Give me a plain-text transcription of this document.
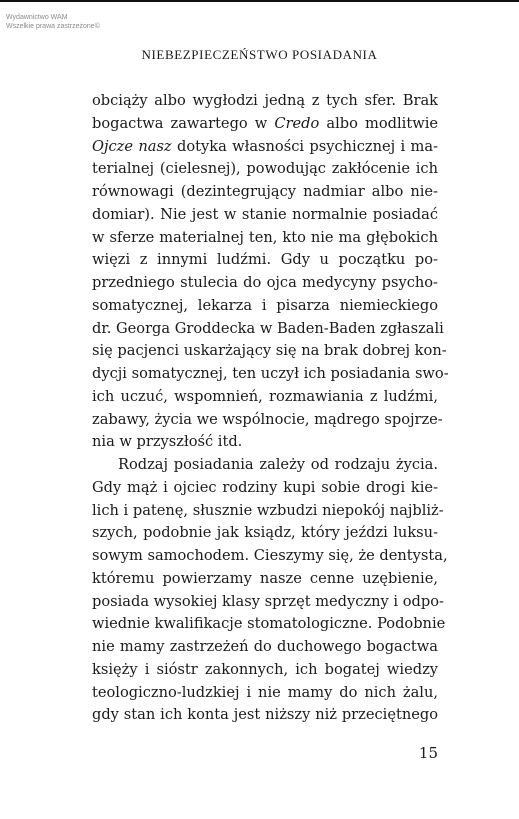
Wydawnictwo WAM
Wszelkie prawa zastrzeżone©
NIEBEZPIECZEŃSTWO POSIADANIA
obciąży albo wygłodzi jedną z tych sfer. Brak
bogactwa zawartego w Credo albo modlitwie
Ojcze nasz dotyka własności psychicznej i ma-
terialnej (cielesnej), powodując zakłócenie ich
równowagi (dezintegrujący nadmiar albo nie-
domiar). Nie jest w stanie normalnie posiadać
w sferze materialnej ten, kto nie ma głębokich
więzi z innymi ludźmi. Gdy u początku po-
przedniego stulecia do ojca medycyny psycho-
somatycznej, lekarza i pisarza niemieckiego
dr. Georga Groddecka w Baden-Baden zgłaszali
się pacjenci uskarżający się na brak dobrej kon-
dycji somatycznej, ten uczył ich posiadania swo-
ich uczuć, wspomnień, rozmawiania z ludźmi,
zabawy, życia we wspólnocie, mądrego spojrze-
nia w przyszłość itd.
Rodzaj posiadania zależy od rodzaju życia.
Gdy mąż i ojciec rodziny kupi sobie drogi kie-
lich i patenę, słusznie wzbudzi niepokój najbliż-
szych, podobnie jak ksiądz, który jeździ luksu-
sowym samochodem. Cieszymy się, że dentysta,
któremu powierzamy nasze cenne uzębienie,
posiada wysokiej klasy sprzęt medyczny i odpo-
wiednie kwalifikacje stomatologiczne. Podobnie
nie mamy zastrzeżeń do duchowego bogactwa
księży i sióstr zakonnych, ich bogatej wiedzy
teologiczno-ludzkiej i nie mamy do nich żalu,
gdy stan ich konta jest niższy niż przeciętnego
15
